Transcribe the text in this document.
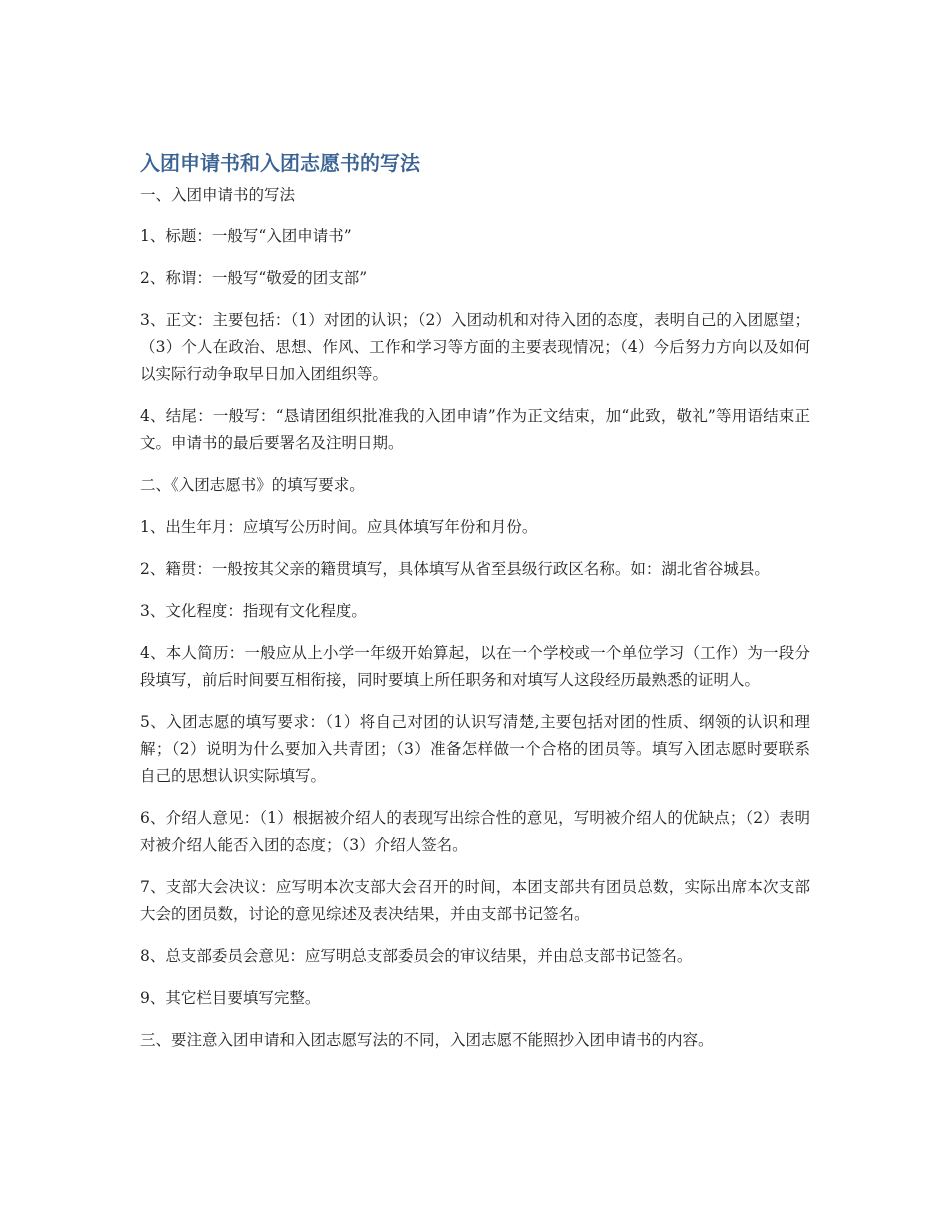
入团申请书和入团志愿书的写法

一、入团申请书的写法

1、标题：一般写“入团申请书”

2、称谓：一般写“敬爱的团支部”

3、正文：主要包括：（1）对团的认识；（2）入团动机和对待入团的态度，表明自己的入团愿望；（3）个人在政治、思想、作风、工作和学习等方面的主要表现情况；（4）今后努力方向以及如何以实际行动争取早日加入团组织等。

4、结尾：一般写：“恳请团组织批准我的入团申请”作为正文结束，加“此致，敬礼”等用语结束正文。申请书的最后要署名及注明日期。

二、《入团志愿书》的填写要求。

1、出生年月：应填写公历时间。应具体填写年份和月份。

2、籍贯：一般按其父亲的籍贯填写，具体填写从省至县级行政区名称。如：湖北省谷城县。

3、文化程度：指现有文化程度。

4、本人简历：一般应从上小学一年级开始算起，以在一个学校或一个单位学习（工作）为一段分段填写，前后时间要互相衔接，同时要填上所任职务和对填写人这段经历最熟悉的证明人。

5、入团志愿的填写要求：（1）将自己对团的认识写清楚,主要包括对团的性质、纲领的认识和理解；（2）说明为什么要加入共青团；（3）准备怎样做一个合格的团员等。填写入团志愿时要联系自己的思想认识实际填写。

6、介绍人意见：（1）根据被介绍人的表现写出综合性的意见，写明被介绍人的优缺点；（2）表明对被介绍人能否入团的态度；（3）介绍人签名。

7、支部大会决议：应写明本次支部大会召开的时间，本团支部共有团员总数，实际出席本次支部大会的团员数，讨论的意见综述及表决结果，并由支部书记签名。

8、总支部委员会意见：应写明总支部委员会的审议结果，并由总支部书记签名。

9、其它栏目要填写完整。

三、要注意入团申请和入团志愿写法的不同，入团志愿不能照抄入团申请书的内容。
